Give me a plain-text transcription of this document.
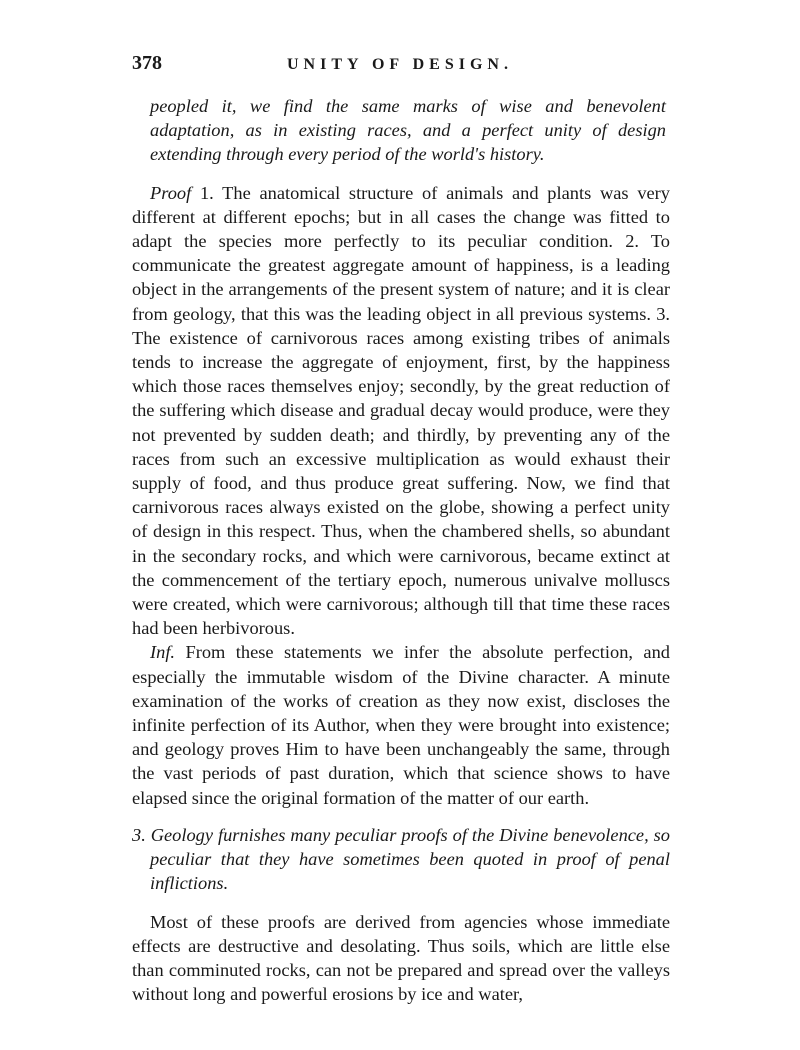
378	UNITY OF DESIGN.

peopled it, we find the same marks of wise and benevolent adaptation, as in existing races, and a perfect unity of design extending through every period of the world's history.

Proof 1. The anatomical structure of animals and plants was very different at different epochs; but in all cases the change was fitted to adapt the species more perfectly to its peculiar condition. 2. To communicate the greatest aggregate amount of happiness, is a leading object in the arrangements of the present system of nature; and it is clear from geology, that this was the leading object in all previous systems. 3. The existence of carnivorous races among existing tribes of animals tends to increase the aggregate of enjoyment, first, by the happiness which those races themselves enjoy; secondly, by the great reduction of the suffering which disease and gradual decay would produce, were they not prevented by sudden death; and thirdly, by preventing any of the races from such an excessive multiplication as would exhaust their supply of food, and thus produce great suffering. Now, we find that carnivorous races always existed on the globe, showing a perfect unity of design in this respect. Thus, when the chambered shells, so abundant in the secondary rocks, and which were carnivorous, became extinct at the commencement of the tertiary epoch, numerous univalve molluscs were created, which were carnivorous; although till that time these races had been herbivorous.

Inf. From these statements we infer the absolute perfection, and especially the immutable wisdom of the Divine character. A minute examination of the works of creation as they now exist, discloses the infinite perfection of its Author, when they were brought into existence; and geology proves Him to have been unchangeably the same, through the vast periods of past duration, which that science shows to have elapsed since the original formation of the matter of our earth.

3. Geology furnishes many peculiar proofs of the Divine benevolence, so peculiar that they have sometimes been quoted in proof of penal inflictions.

Most of these proofs are derived from agencies whose immediate effects are destructive and desolating. Thus soils, which are little else than comminuted rocks, can not be prepared and spread over the valleys without long and powerful erosions by ice and water,
